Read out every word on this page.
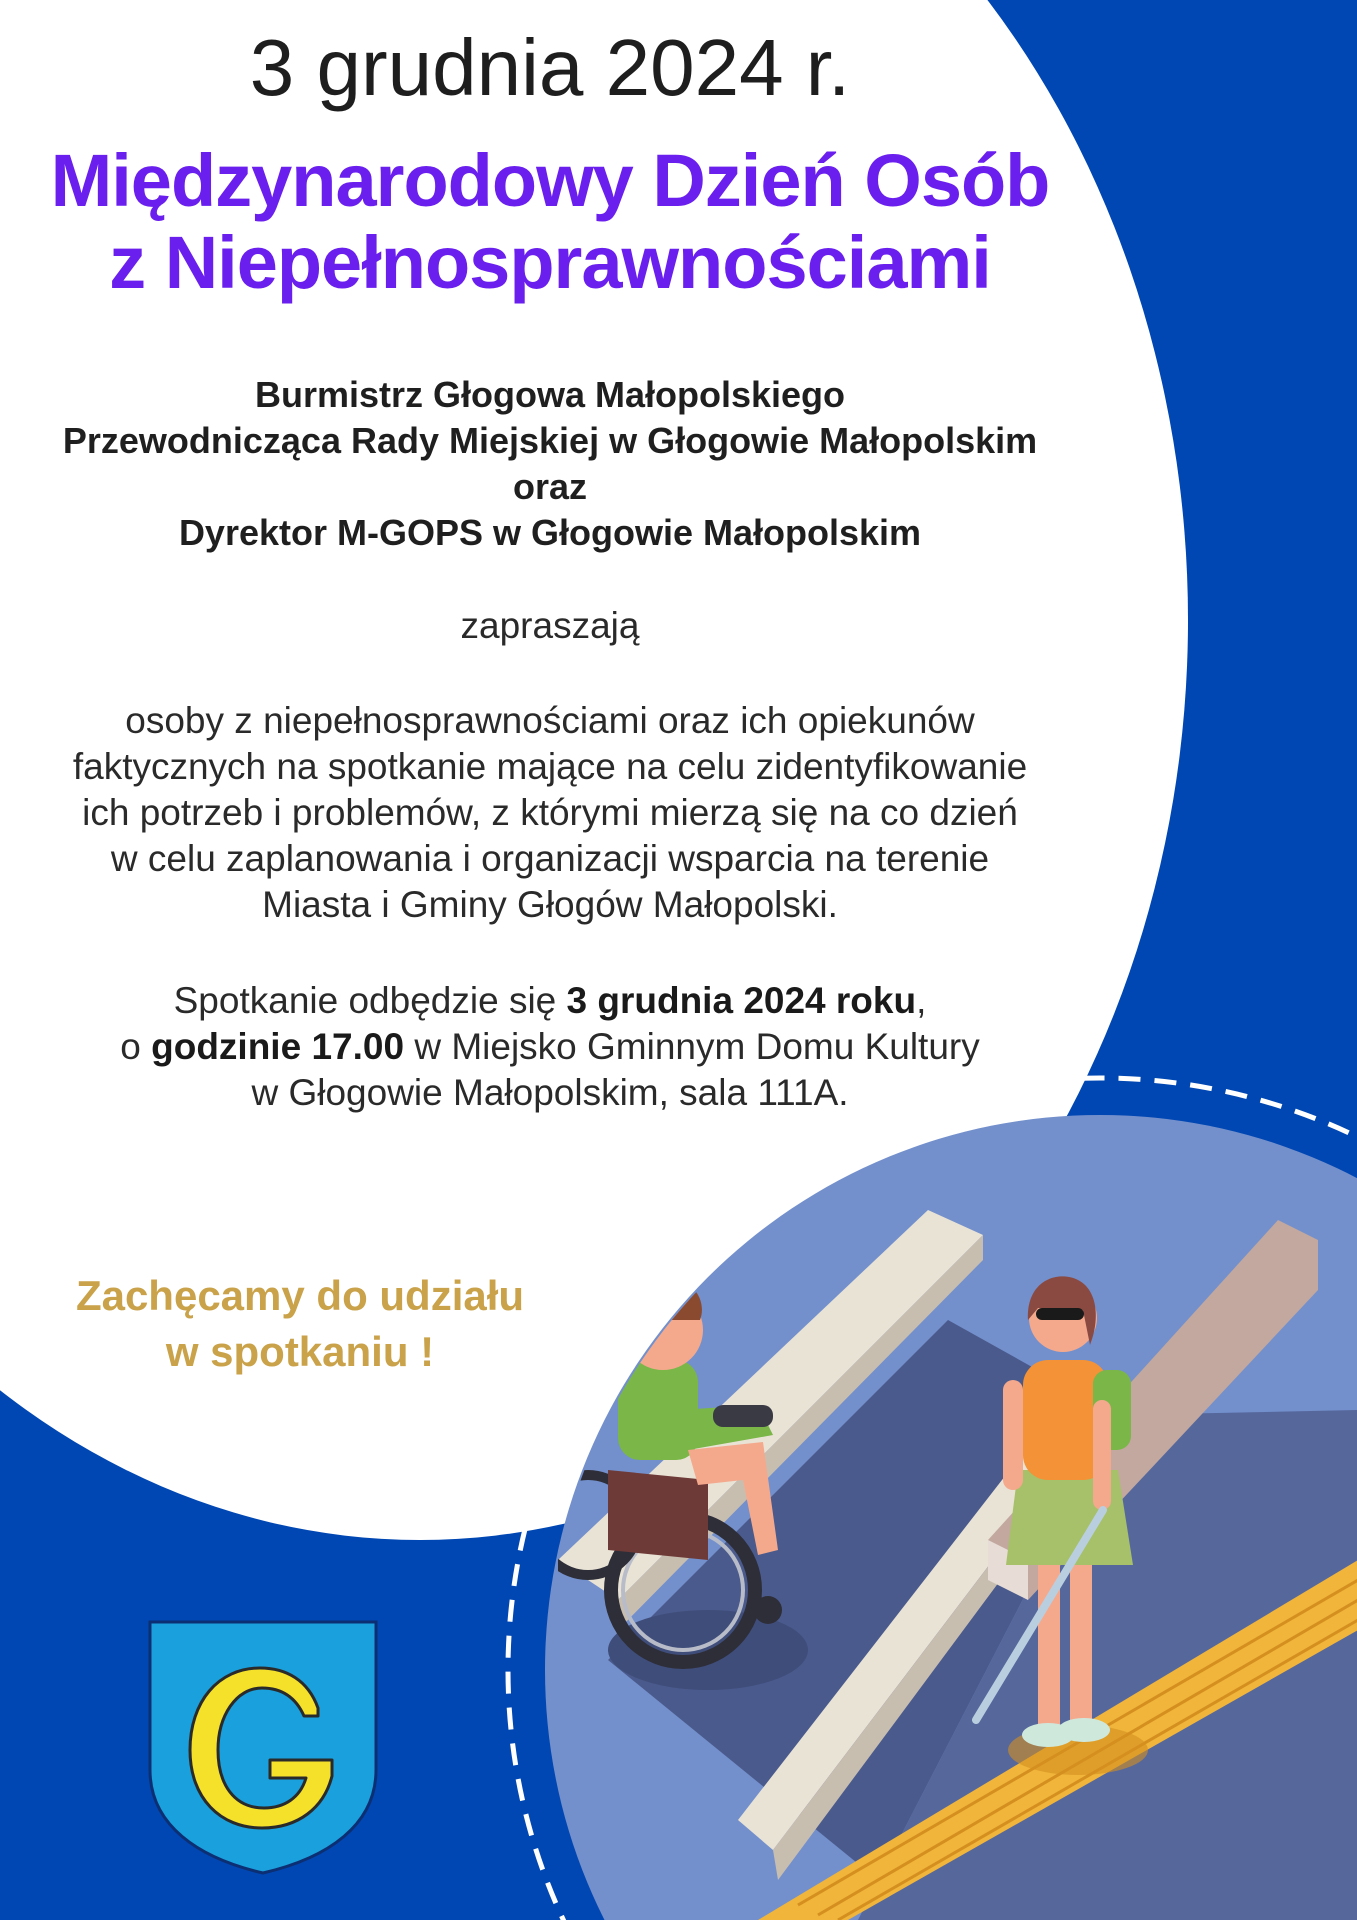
3 grudnia 2024 r.

Międzynarodowy Dzień Osób
z Niepełnosprawnościami
Burmistrz Głogowa Małopolskiego
Przewodnicząca Rady Miejskiej w Głogowie Małopolskim
oraz
Dyrektor M-GOPS w Głogowie Małopolskim

zapraszają

osoby z niepełnosprawnościami oraz ich opiekunów
faktycznych na spotkanie mające na celu zidentyfikowanie
ich potrzeb i problemów, z którymi mierzą się na co dzień
w celu zaplanowania i organizacji wsparcia na terenie
Miasta i Gminy Głogów Małopolski.
Spotkanie odbędzie się 3 grudnia 2024 roku,
o godzinie 17.00 w Miejsko Gminnym Domu Kultury
w Głogowie Małopolskim, sala 111A.
Zachęcamy do udziału
w spotkaniu !
